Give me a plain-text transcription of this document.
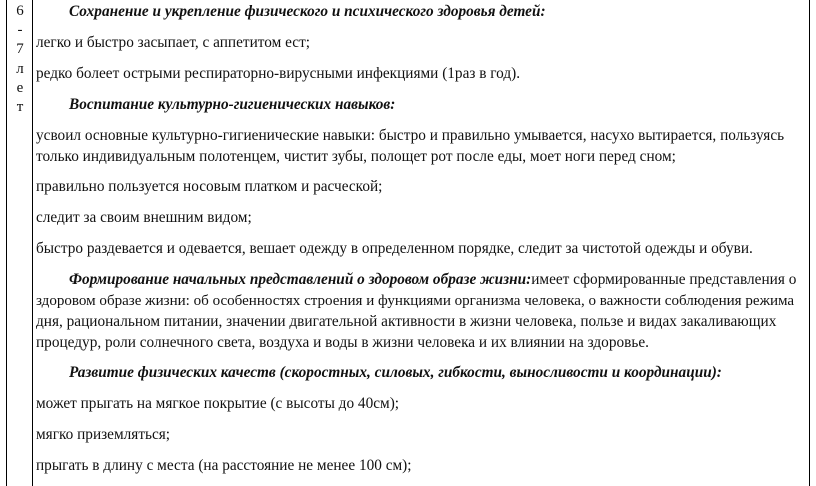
6
-
7
л
е
т
Сохранение и укрепление физического и психического здоровья детей:
легко и быстро засыпает, с аппетитом ест;
редко болеет острыми респираторно-вирусными инфекциями (1раз в год).
Воспитание культурно-гигиенических навыков:
усвоил основные культурно-гигиенические навыки: быстро и правильно умывается, насухо вытирается, пользуясь
только индивидуальным полотенцем, чистит зубы, полощет рот после еды, моет ноги перед сном;
правильно пользуется носовым платком и расческой;
следит за своим внешним видом;
быстро раздевается и одевается, вешает одежду в определенном порядке, следит за чистотой одежды и обуви.
Формирование начальных представлений о здоровом образе жизни:имеет сформированные представления о
здоровом образе жизни: об особенностях строения и функциями организма человека, о важности соблюдения режима
дня, рациональном питании, значении двигательной активности в жизни человека, пользе и видах закаливающих
процедур, роли солнечного света, воздуха и воды в жизни человека и их влиянии на здоровье.
Развитие физических качеств (скоростных, силовых, гибкости, выносливости и координации):
может прыгать на мягкое покрытие (с высоты до 40см);
мягко приземляться;
прыгать в длину с места (на расстояние не менее 100 см);
